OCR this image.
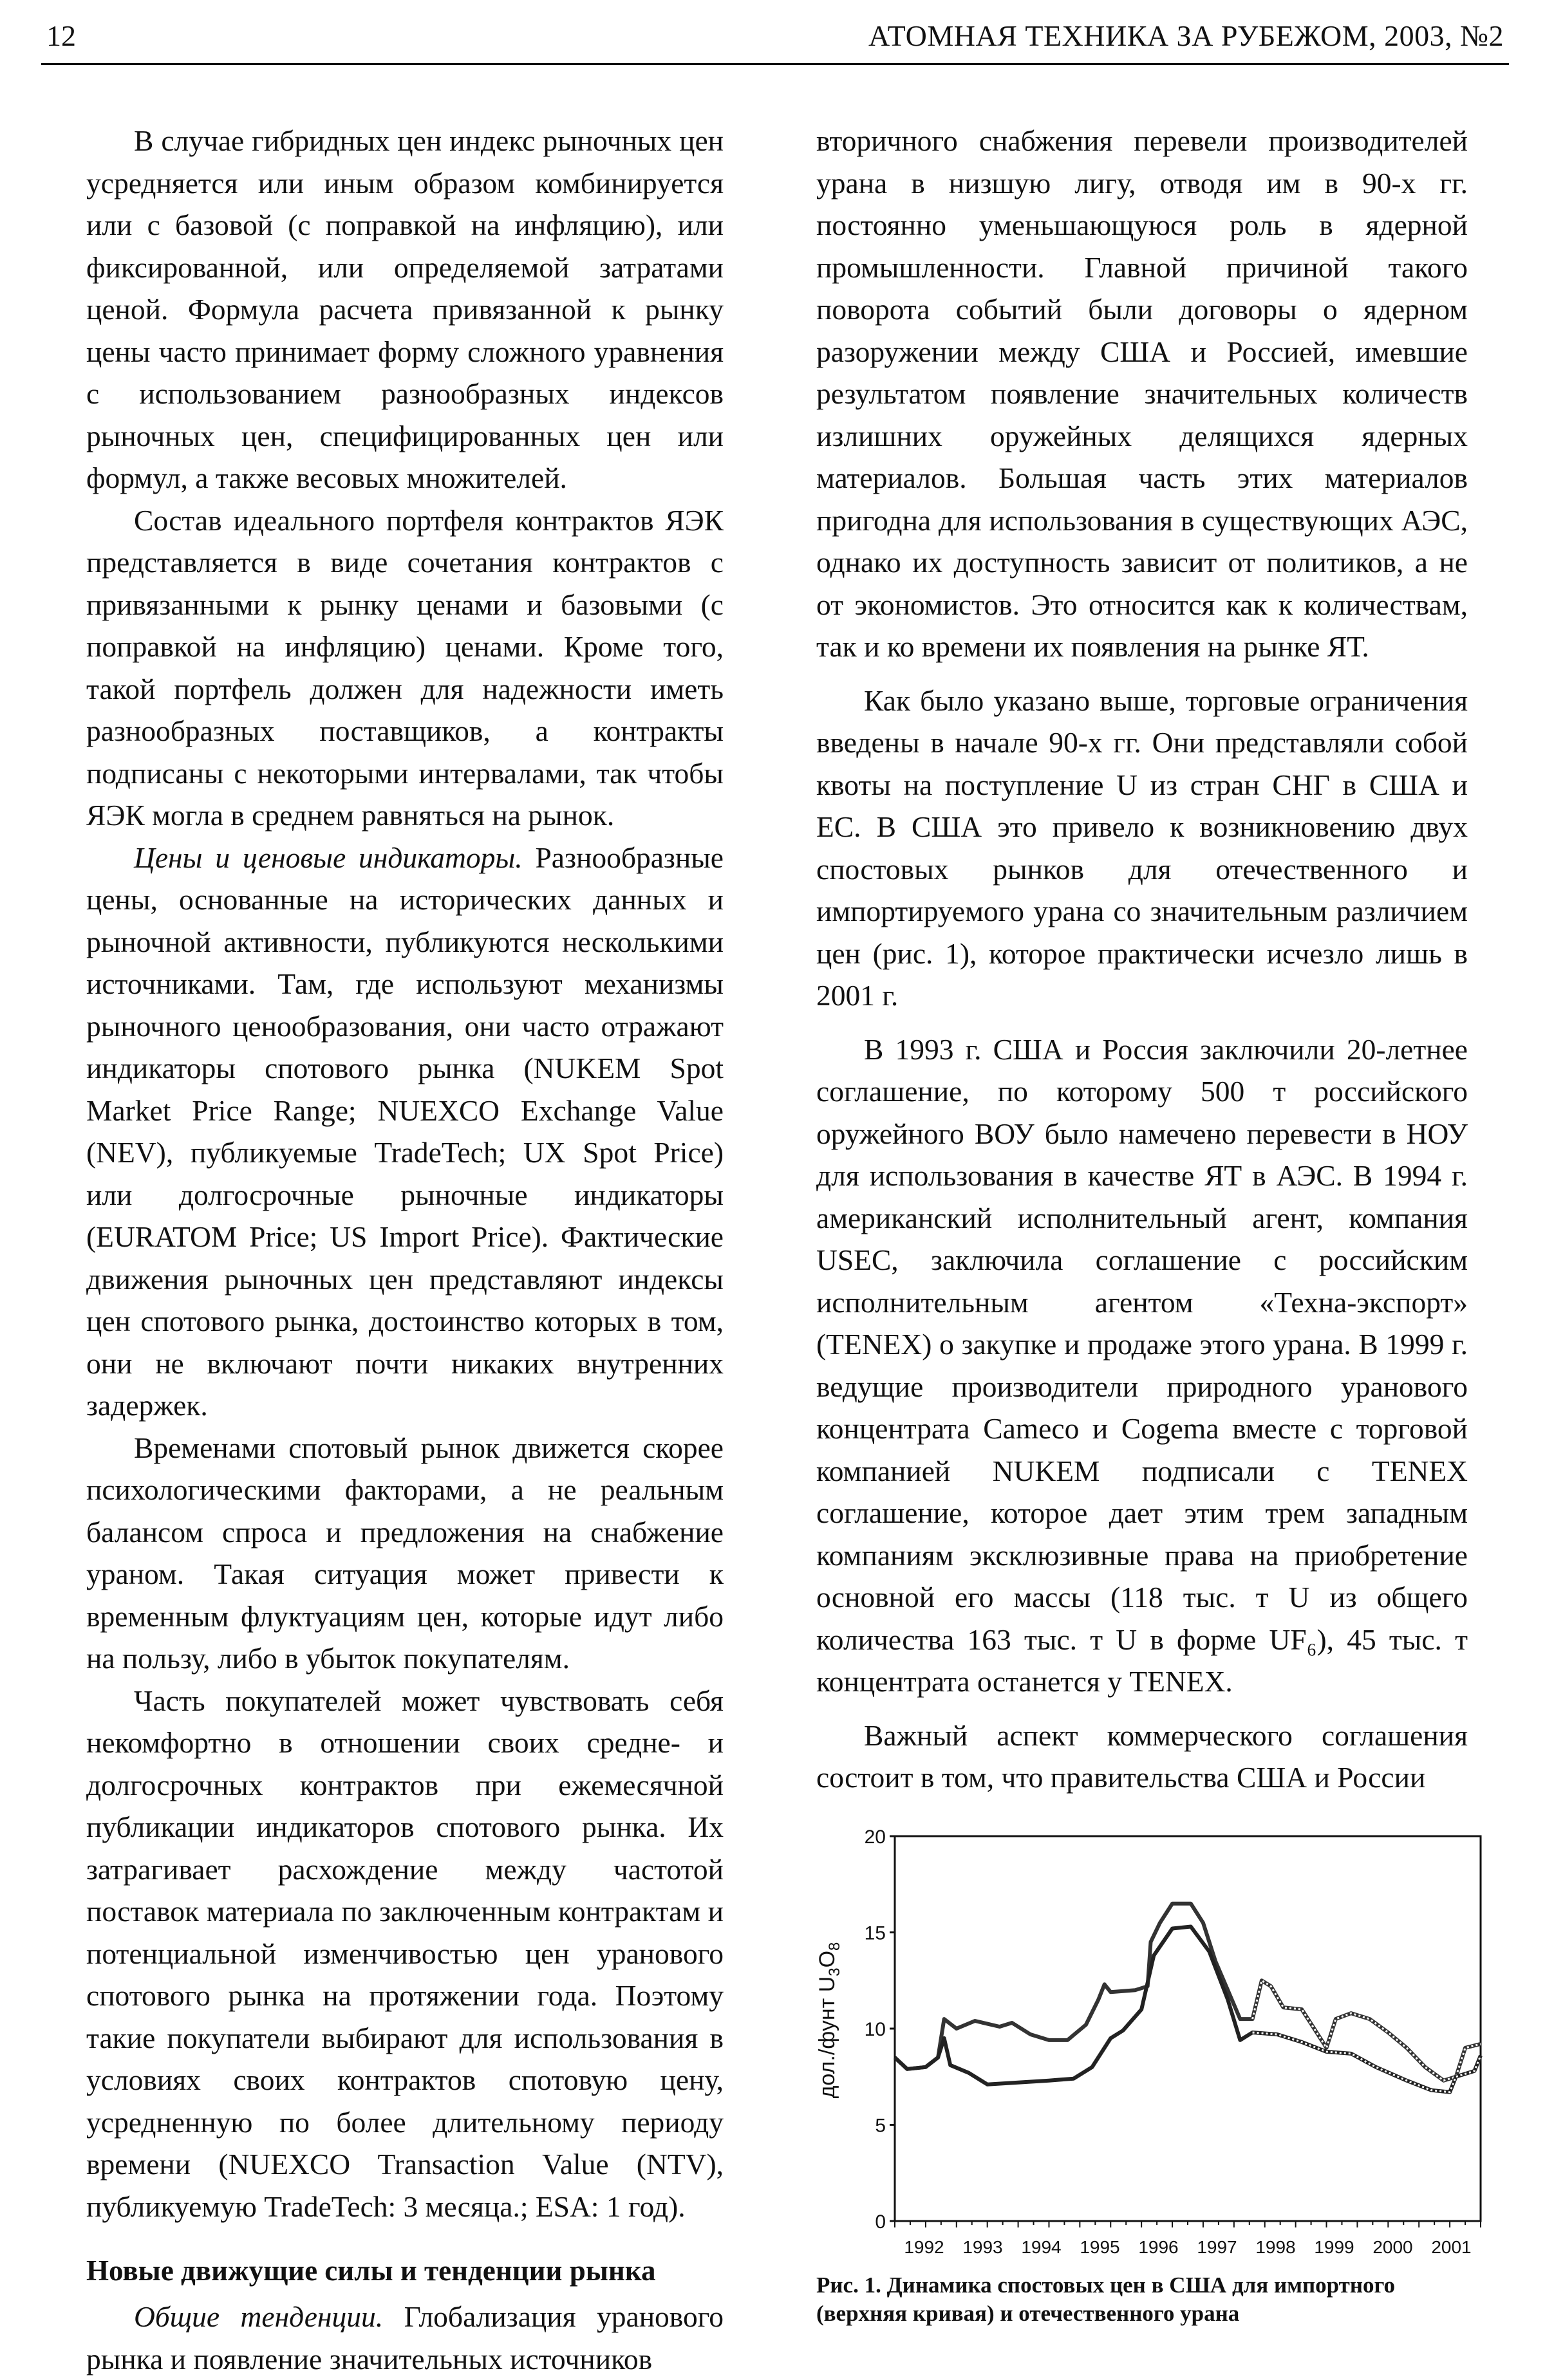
12	АТОМНАЯ ТЕХНИКА ЗА РУБЕЖОМ, 2003, №2

В случае гибридных цен индекс рыночных цен усредняется или иным образом комбинируется или с базовой (с поправкой на инфляцию), или фиксированной, или определяемой затратами ценой. Формула расчета привязанной к рынку цены часто принимает форму сложного уравнения с использованием разнообразных индексов рыночных цен, специфицированных цен или формул, а также весовых множителей.

Состав идеального портфеля контрактов ЯЭК представляется в виде сочетания контрактов с привязанными к рынку ценами и базовыми (с поправкой на инфляцию) ценами. Кроме того, такой портфель должен для надежности иметь разнообразных поставщиков, а контракты подписаны с некоторыми интервалами, так чтобы ЯЭК могла в среднем равняться на рынок.

Цены и ценовые индикаторы. Разнообразные цены, основанные на исторических данных и рыночной активности, публикуются несколькими источниками. Там, где используют механизмы рыночного ценообразования, они часто отражают индикаторы спотового рынка (NUKEM Spot Market Price Range; NUEXCO Exchange Value (NEV), публикуемые TradeTech; UX Spot Price) или долгосрочные рыночные индикаторы (EURATOM Price; US Import Price). Фактические движения рыночных цен представляют индексы цен спотового рынка, достоинство которых в том, они не включают почти никаких внутренних задержек.

Временами спотовый рынок движется скорее психологическими факторами, а не реальным балансом спроса и предложения на снабжение ураном. Такая ситуация может привести к временным флуктуациям цен, которые идут либо на пользу, либо в убыток покупателям.

Часть покупателей может чувствовать себя некомфортно в отношении своих средне- и долгосрочных контрактов при ежемесячной публикации индикаторов спотового рынка. Их затрагивает расхождение между частотой поставок материала по заключенным контрактам и потенциальной изменчивостью цен уранового спотового рынка на протяжении года. Поэтому такие покупатели выбирают для использования в условиях своих контрактов спотовую цену, усредненную по более длительному периоду времени (NUEXCO Transaction Value (NTV), публикуемую TradeTech: 3 месяца.; ESA: 1 год).

Новые движущие силы и тенденции рынка

Общие тенденции. Глобализация уранового рынка и появление значительных источников

вторичного снабжения перевели производителей урана в низшую лигу, отводя им в 90-х гг. постоянно уменьшающуюся роль в ядерной промышленности. Главной причиной такого поворота событий были договоры о ядерном разоружении между США и Россией, имевшие результатом появление значительных количеств излишних оружейных делящихся ядерных материалов. Большая часть этих материалов пригодна для использования в существующих АЭС, однако их доступность зависит от политиков, а не от экономистов. Это относится как к количествам, так и ко времени их появления на рынке ЯТ.

Как было указано выше, торговые ограничения введены в начале 90-х гг. Они представляли собой квоты на поступление U из стран СНГ в США и ЕС. В США это привело к возникновению двух спостовых рынков для отечественного и импортируемого урана со значительным различием цен (рис. 1), которое практически исчезло лишь в 2001 г.

В 1993 г. США и Россия заключили 20-летнее соглашение, по которому 500 т российского оружейного ВОУ было намечено перевести в НОУ для использования в качестве ЯТ в АЭС. В 1994 г. американский исполнительный агент, компания USEC, заключила соглашение с российским исполнительным агентом «Техна-экспорт» (TENEX) о закупке и продаже этого урана. В 1999 г. ведущие производители природного уранового концентрата Cameco и Cogema вместе с торговой компанией NUKEM подписали с TENEX соглашение, которое дает этим трем западным компаниям эксклюзивные права на приобретение основной его массы (118 тыс. т U из общего количества 163 тыс. т U в форме UF₆), 45 тыс. т концентрата останется у TENEX.

Важный аспект коммерческого соглашения состоит в том, что правительства США и России

0
5
10
15
20
1992 1993 1994 1995 1996 1997 1998 1999 2000 2001
дол./фунт $U_3O_8$
Рис. 1. Динамика спостовых цен в США для импортного (верхняя кривая) и отечественного урана
